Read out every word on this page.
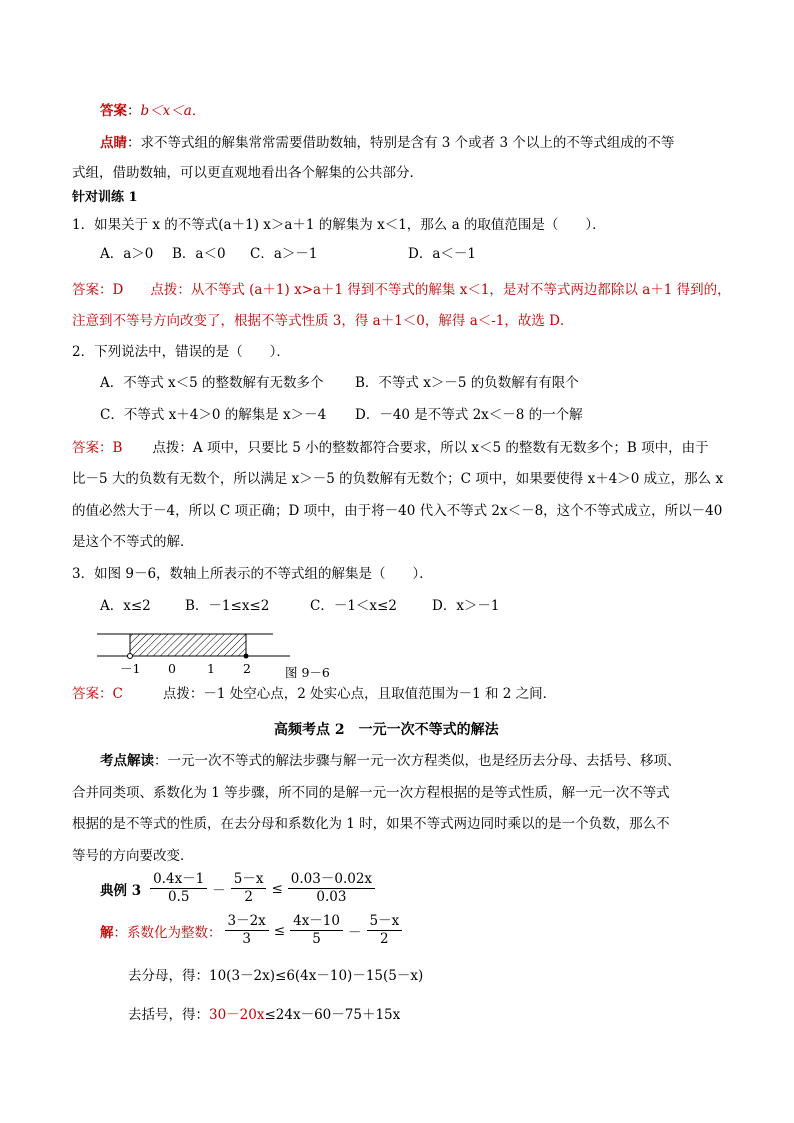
答案：b＜x＜a．
点睛：求不等式组的解集常常需要借助数轴，特别是含有 3 个或者 3 个以上的不等式组成的不等
式组，借助数轴，可以更直观地看出各个解集的公共部分．
针对训练 1
1．如果关于 x 的不等式(a＋1) x＞a＋1 的解集为 x＜1，那么 a 的取值范围是（　　）．
A．a＞0 B．a＜0 C．a＞－1	D．a＜－1
答案：D　　点拨：从不等式 (a＋1) x>a＋1 得到不等式的解集 x＜1，是对不等式两边都除以 a＋1 得到的，
注意到不等号方向改变了，根据不等式性质 3，得 a＋1＜0，解得 a＜-1，故选 D．
2．下列说法中，错误的是（　　）．
A．不等式 x＜5 的整数解有无数多个 B．不等式 x＞－5 的负数解有有限个
C．不等式 x＋4＞0 的解集是 x＞－4 D．－40 是不等式 2x＜－8 的一个解
答案：B 点拨：A 项中，只要比 5 小的整数都符合要求，所以 x＜5 的整数有无数多个；B 项中，由于
比－5 大的负数有无数个，所以满足 x＞－5 的负数解有无数个；C 项中，如果要使得 x＋4＞0 成立，那么 x
的值必然大于－4，所以 C 项正确；D 项中，由于将－40 代入不等式 2x＜－8，这个不等式成立，所以－40
是这个不等式的解．
3．如图 9－6，数轴上所表示的不等式组的解集是（　　）．
A．x≤2	B．－1≤x≤2	C．－1＜x≤2	D．x＞－1
－1 0 1 2	图 9－6
答案：C	点拨：－1 处空心点，2 处实心点，且取值范围为－1 和 2 之间．
高频考点 2　一元一次不等式的解法
考点解读：一元一次不等式的解法步骤与解一元一次方程类似，也是经历去分母、去括号、移项、
合并同类项、系数化为 1 等步骤，所不同的是解一元一次方程根据的是等式性质，解一元一次不等式
根据的是不等式的性质，在去分母和系数化为 1 时，如果不等式两边同时乘以的是一个负数，那么不
等号的方向要改变．
典例 $3 \frac{0.4x-1}{0.5} - \frac{5-x}{2} \le \frac{0.03-0.02x}{0.03}$
解 ：系数化为整数： $\frac{3-2x}{3} \le \frac{4x-10}{5} - \frac{5-x}{2}$
去分母，得：10(3－2x)≤6(4x－10)－15(5－x)
去括号，得：30－20x≤24x－60－75＋15x
